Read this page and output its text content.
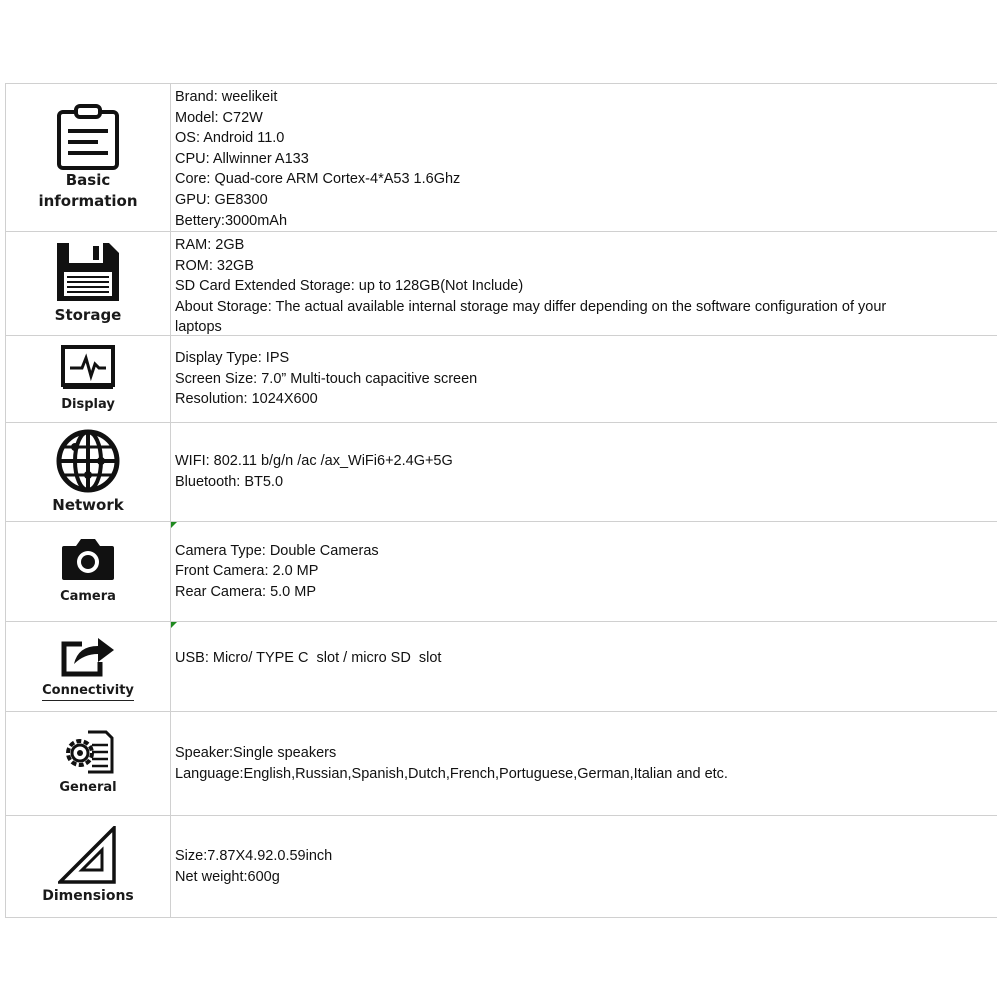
Basic information
Brand: weelikeit
Model: C72W
OS: Android 11.0
CPU: Allwinner A133
Core: Quad-core ARM Cortex-4*A53 1.6Ghz
GPU: GE8300
Bettery:3000mAh
Storage
RAM: 2GB
ROM: 32GB
SD Card Extended Storage: up to 128GB(Not Include)
About Storage: The actual available internal storage may differ depending on the software configuration of your
laptops
Display
Display Type: IPS
Screen Size: 7.0” Multi-touch capacitive screen
Resolution: 1024X600
Network
WIFI: 802.11 b/g/n /ac /ax_WiFi6+2.4G+5G
Bluetooth: BT5.0
Camera
Camera Type: Double Cameras
Front Camera: 2.0 MP
Rear Camera: 5.0 MP
Connectivity
USB: Micro/ TYPE C  slot / micro SD  slot
General
Speaker:Single speakers
Language:English,Russian,Spanish,Dutch,French,Portuguese,German,Italian and etc.
Dimensions
Size:7.87X4.92.0.59inch
Net weight:600g
